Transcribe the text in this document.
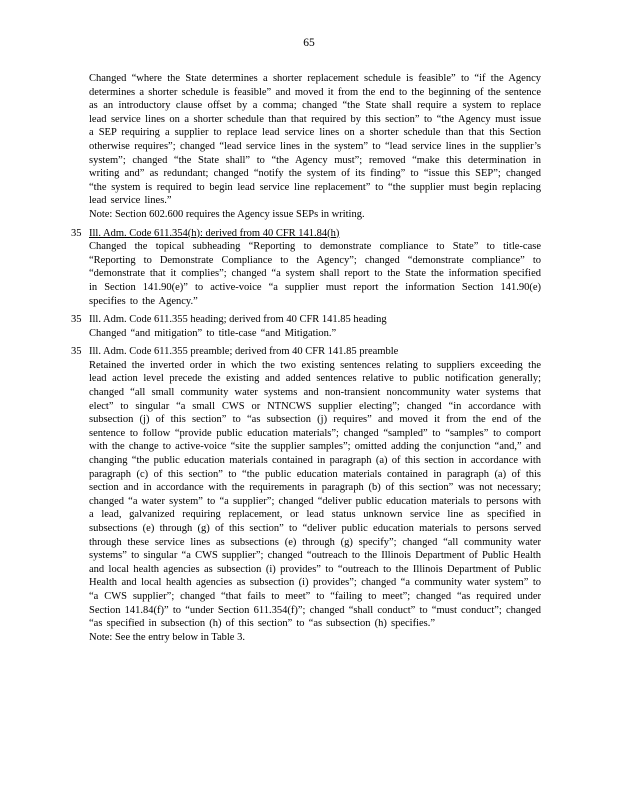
65
Changed “where the State determines a shorter replacement schedule is feasible” to “if the Agency determines a shorter schedule is feasible” and moved it from the end to the beginning of the sentence as an introductory clause offset by a comma; changed “the State shall require a system to replace lead service lines on a shorter schedule than that required by this section” to “the Agency must issue a SEP requiring a supplier to replace lead service lines on a shorter schedule than that this Section otherwise requires”; changed “lead service lines in the system” to “lead service lines in the supplier’s system”; changed “the State shall” to “the Agency must”; removed “make this determination in writing and” as redundant; changed “notify the system of its finding” to “issue this SEP”; changed “the system is required to begin lead service line replacement” to “the supplier must begin replacing lead service lines.”
Note: Section 602.600 requires the Agency issue SEPs in writing.
35 Ill. Adm. Code 611.354(h): derived from 40 CFR 141.84(h)
Changed the topical subheading “Reporting to demonstrate compliance to State” to title-case “Reporting to Demonstrate Compliance to the Agency”; changed “demonstrate compliance” to “demonstrate that it complies”; changed “a system shall report to the State the information specified in Section 141.90(e)” to active-voice “a supplier must report the information Section 141.90(e) specifies to the Agency.”
35 Ill. Adm. Code 611.355 heading; derived from 40 CFR 141.85 heading
Changed “and mitigation” to title-case “and Mitigation.”
35 Ill. Adm. Code 611.355 preamble; derived from 40 CFR 141.85 preamble
Retained the inverted order in which the two existing sentences relating to suppliers exceeding the lead action level precede the existing and added sentences relative to public notification generally; changed “all small community water systems and non-transient noncommunity water systems that elect” to singular “a small CWS or NTNCWS supplier electing”; changed “in accordance with subsection (j) of this section” to “as subsection (j) requires” and moved it from the end of the sentence to follow “provide public education materials”; changed “sampled” to “samples” to comport with the change to active-voice “site the supplier samples”; omitted adding the conjunction “and,” and changing “the public education materials contained in paragraph (a) of this section in accordance with paragraph (c) of this section” to “the public education materials contained in paragraph (a) of this section and in accordance with the requirements in paragraph (b) of this section” was not necessary; changed “a water system” to “a supplier”; changed “deliver public education materials to persons with a lead, galvanized requiring replacement, or lead status unknown service line as specified in subsections (e) through (g) of this section” to “deliver public education materials to persons served through these service lines as subsections (e) through (g) specify”; changed “all community water systems” to singular “a CWS supplier”; changed “outreach to the Illinois Department of Public Health and local health agencies as subsection (i) provides” to “outreach to the Illinois Department of Public Health and local health agencies as subsection (i) provides”; changed “a community water system” to “a CWS supplier”; changed “that fails to meet” to “failing to meet”; changed “as required under Section 141.84(f)” to “under Section 611.354(f)”; changed “shall conduct” to “must conduct”; changed “as specified in subsection (h) of this section” to “as subsection (h) specifies.”
Note: See the entry below in Table 3.
